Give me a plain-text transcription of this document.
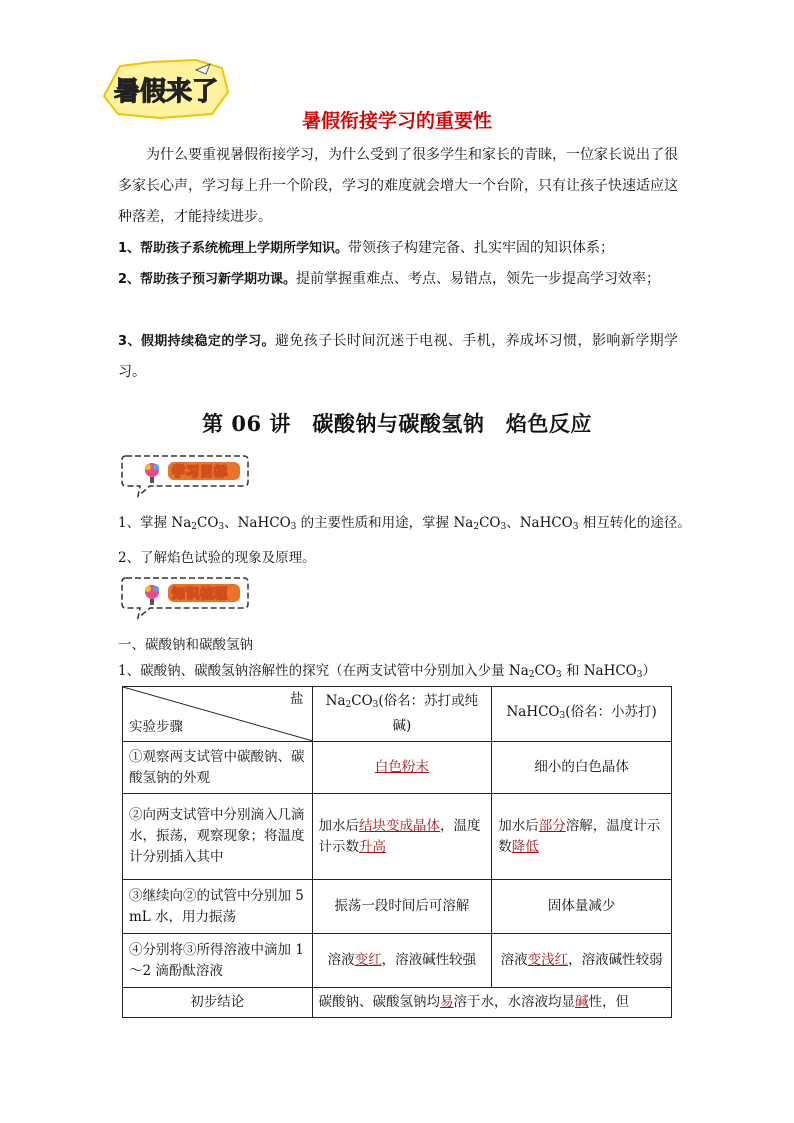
暑假来了
暑假衔接学习的重要性
为什么要重视暑假衔接学习，为什么受到了很多学生和家长的青睐，一位家长说出了很多家长心声，学习每上升一个阶段，学习的难度就会增大一个台阶，只有让孩子快速适应这种落差，才能持续进步。
1、帮助孩子系统梳理上学期所学知识。带领孩子构建完备、扎实牢固的知识体系；
2、帮助孩子预习新学期功课。提前掌握重难点、考点、易错点，领先一步提高学习效率；
3、假期持续稳定的学习。避免孩子长时间沉迷于电视、手机，养成坏习惯，影响新学期学习。
第 06 讲　碳酸钠与碳酸氢钠　焰色反应
学习目标
1、掌握 $Na_2CO_3$、NaHCO$_3$ 的主要性质和用途，掌握 $Na_2CO_3$、NaHCO$_3$ 相互转化的途径。
2、了解焰色试验的现象及原理。
知识梳理
一、碳酸钠和碳酸氢钠
1、碳酸钠、碳酸氢钠溶解性的探究（在两支试管中分别加入少量 $Na_2CO_3$ 和 NaHCO$_3$）
盐
实验步骤	$Na_2CO_3$(俗名：苏打或纯碱)	NaHCO$_3$(俗名：小苏打)
①观察两支试管中碳酸钠、碳酸氢钠的外观	白色粉末	细小的白色晶体
②向两支试管中分别滴入几滴水，振荡，观察现象；将温度计分别插入其中	加水后结块变成晶体，温度计示数升高	加水后部分溶解，温度计示数降低
③继续向②的试管中分别加 5 mL 水，用力振荡	振荡一段时间后可溶解	固体量减少
④分别将③所得溶液中滴加 1～2 滴酚酞溶液	溶液变红，溶液碱性较强	溶液变浅红，溶液碱性较弱
初步结论	碳酸钠、碳酸氢钠均易溶于水，水溶液均显碱性，但	
